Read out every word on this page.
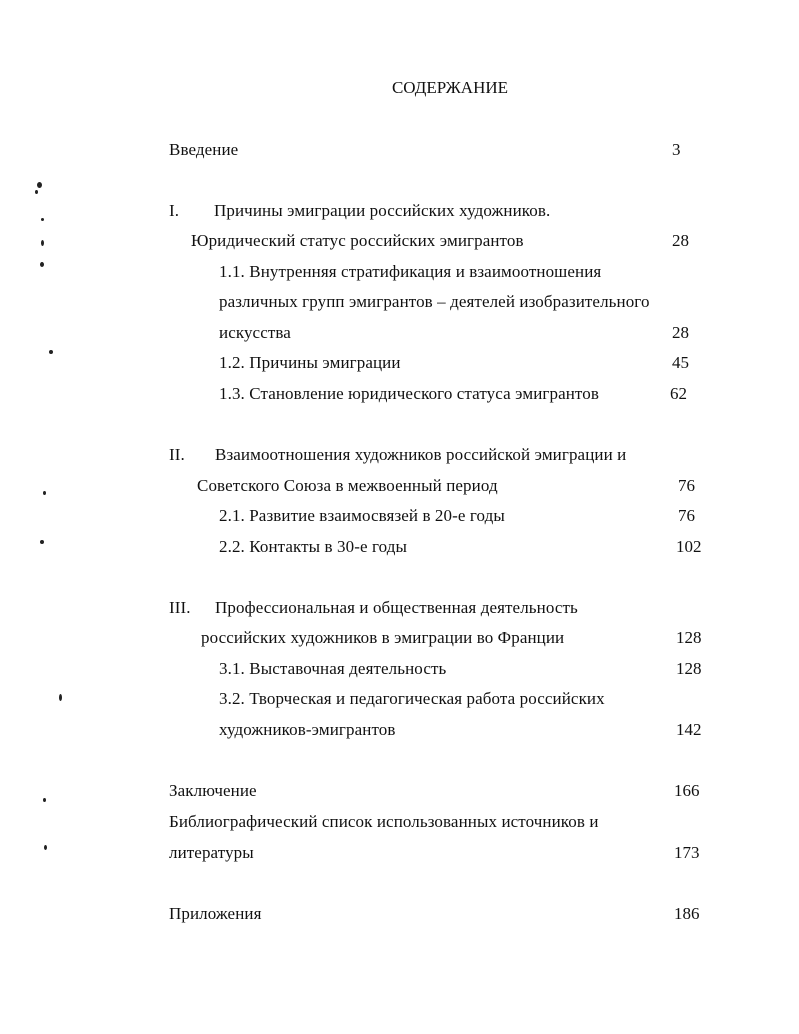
СОДЕРЖАНИЕ
Введение	3
I. Причины эмиграции российских художников.
Юридический статус российских эмигрантов	28
1.1. Внутренняя стратификация и взаимоотношения
различных групп эмигрантов – деятелей изобразительного
искусства	28
1.2. Причины эмиграции	45
1.3. Становление юридического статуса эмигрантов	62
II. Взаимоотношения художников российской эмиграции и
Советского Союза в межвоенный период	76
2.1. Развитие взаимосвязей в 20-е годы	76
2.2. Контакты в 30-е годы	102
III. Профессиональная и общественная деятельность
российских художников в эмиграции во Франции	128
3.1. Выставочная деятельность	128
3.2. Творческая и педагогическая работа российских
художников-эмигрантов	142
Заключение	166
Библиографический список использованных источников и
литературы	173
Приложения	186
